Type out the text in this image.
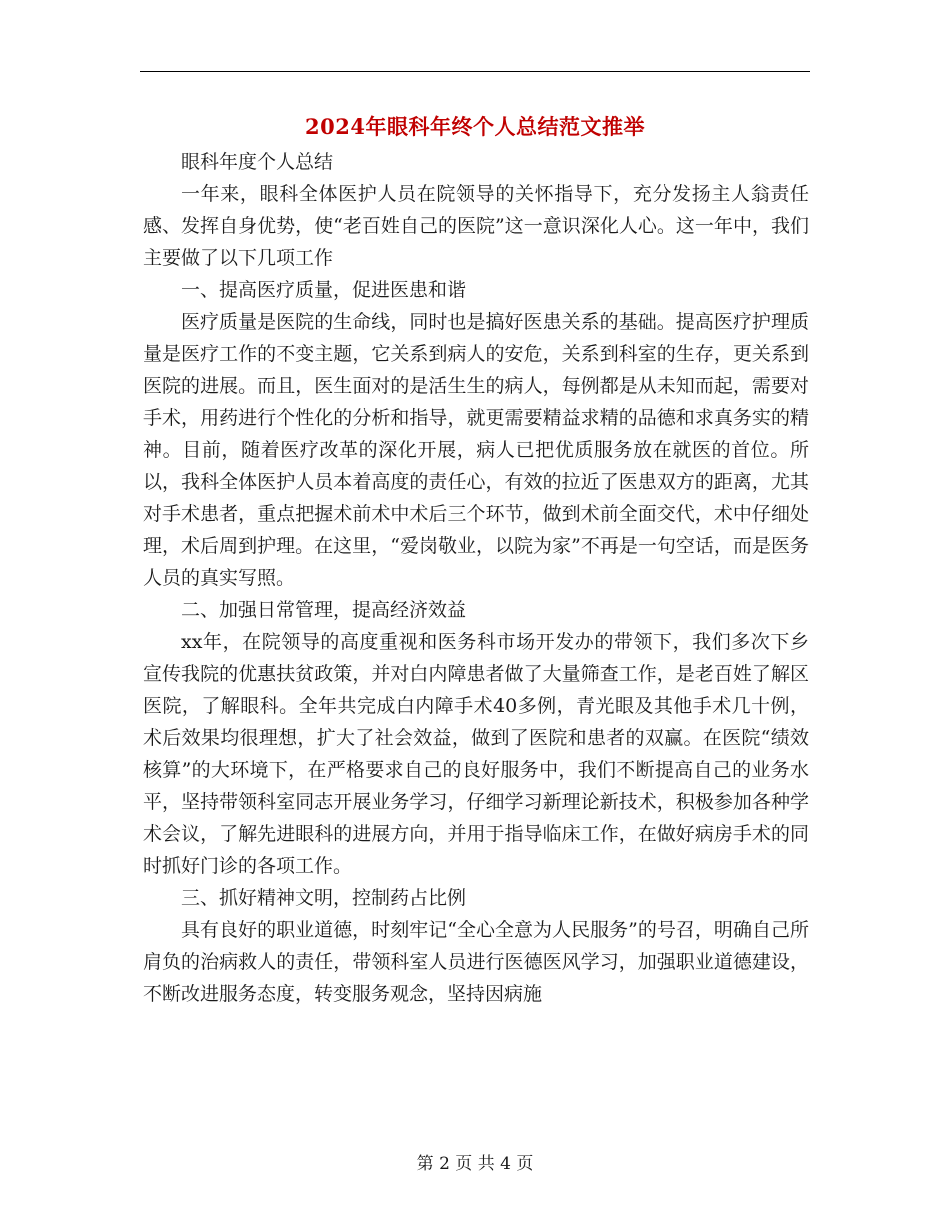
2024年眼科年终个人总结范文推举

眼科年度个人总结

一年来，眼科全体医护人员在院领导的关怀指导下，充分发扬主人翁责任感、发挥自身优势，使“老百姓自己的医院”这一意识深化人心。这一年中，我们主要做了以下几项工作

一、提高医疗质量，促进医患和谐

医疗质量是医院的生命线，同时也是搞好医患关系的基础。提高医疗护理质量是医疗工作的不变主题，它关系到病人的安危，关系到科室的生存，更关系到医院的进展。而且，医生面对的是活生生的病人，每例都是从未知而起，需要对手术，用药进行个性化的分析和指导，就更需要精益求精的品德和求真务实的精神。目前，随着医疗改革的深化开展，病人已把优质服务放在就医的首位。所以，我科全体医护人员本着高度的责任心，有效的拉近了医患双方的距离，尤其对手术患者，重点把握术前术中术后三个环节，做到术前全面交代，术中仔细处理，术后周到护理。在这里，“爱岗敬业，以院为家”不再是一句空话，而是医务人员的真实写照。

二、加强日常管理，提高经济效益

xx年，在院领导的高度重视和医务科市场开发办的带领下，我们多次下乡宣传我院的优惠扶贫政策，并对白内障患者做了大量筛查工作，是老百姓了解区医院，了解眼科。全年共完成白内障手术40多例，青光眼及其他手术几十例，术后效果均很理想，扩大了社会效益，做到了医院和患者的双赢。在医院“绩效核算”的大环境下，在严格要求自己的良好服务中，我们不断提高自己的业务水平，坚持带领科室同志开展业务学习，仔细学习新理论新技术，积极参加各种学术会议，了解先进眼科的进展方向，并用于指导临床工作，在做好病房手术的同时抓好门诊的各项工作。

三、抓好精神文明，控制药占比例

具有良好的职业道德，时刻牢记“全心全意为人民服务”的号召，明确自己所肩负的治病救人的责任，带领科室人员进行医德医风学习，加强职业道德建设，不断改进服务态度，转变服务观念，坚持因病施

第 2 页 共 4 页
